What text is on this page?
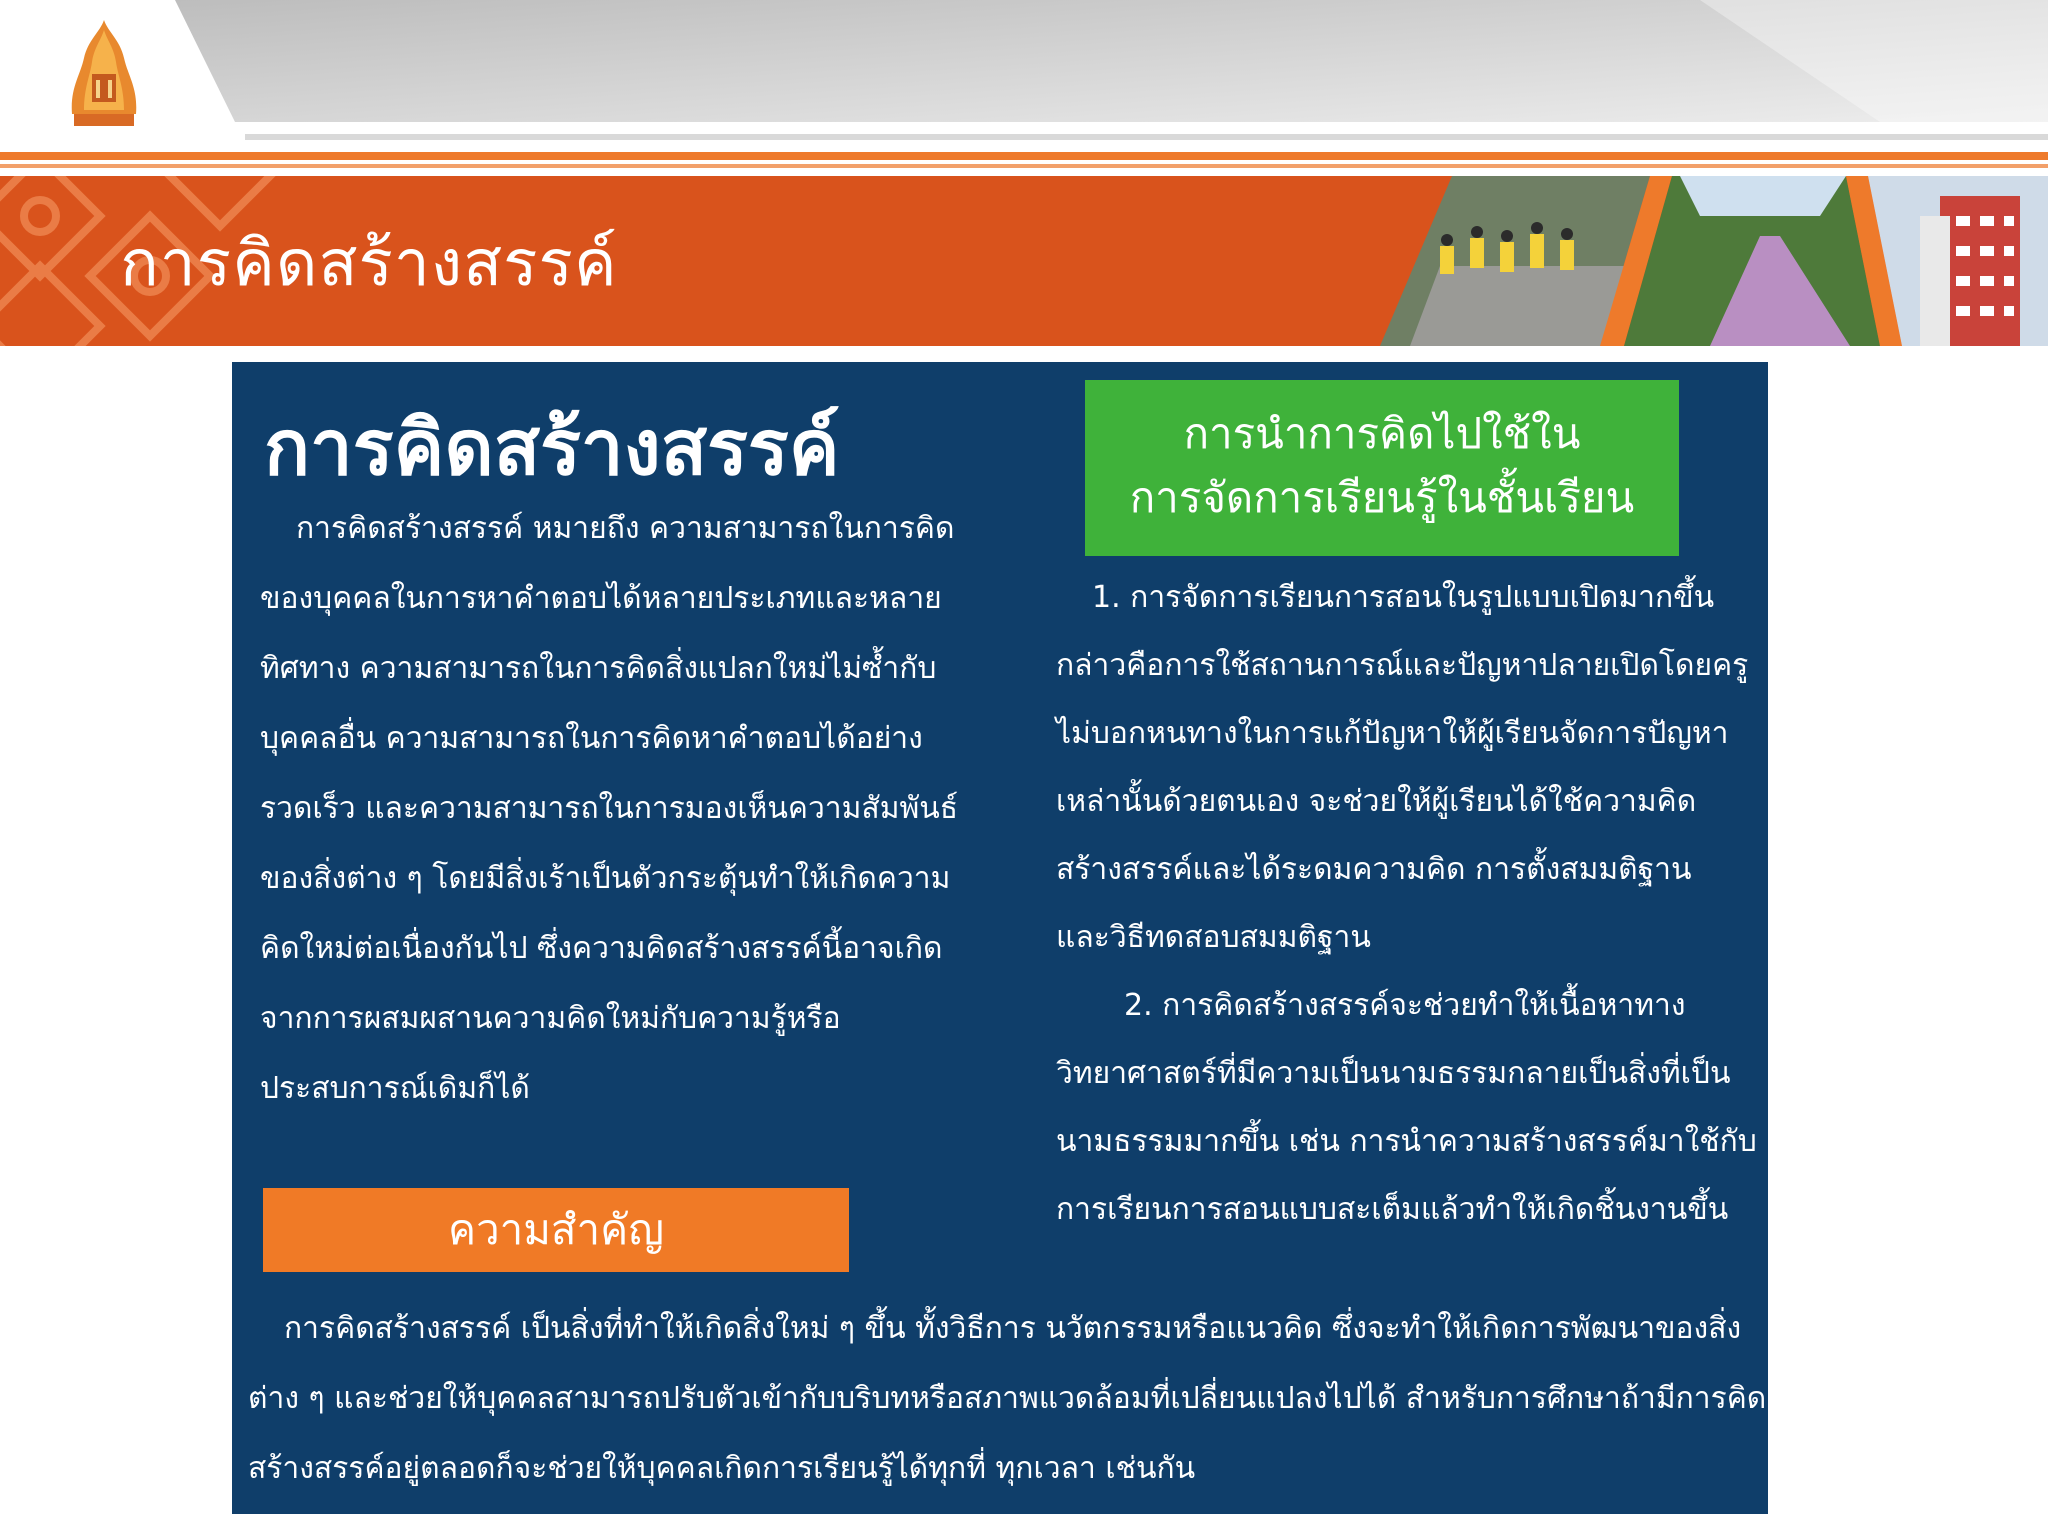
การคิดสร้างสรรค์
การคิดสร้างสรรค์
การคิดสร้างสรรค์ หมายถึง ความสามารถในการคิด
ของบุคคลในการหาคำตอบได้หลายประเภทและหลาย
ทิศทาง ความสามารถในการคิดสิ่งแปลกใหม่ไม่ซ้ำกับ
บุคคลอื่น ความสามารถในการคิดหาคำตอบได้อย่าง
รวดเร็ว และความสามารถในการมองเห็นความสัมพันธ์
ของสิ่งต่าง ๆ โดยมีสิ่งเร้าเป็นตัวกระตุ้นทำให้เกิดความ
คิดใหม่ต่อเนื่องกันไป ซึ่งความคิดสร้างสรรค์นี้อาจเกิด
จากการผสมผสานความคิดใหม่กับความรู้หรือ
ประสบการณ์เดิมก็ได้
การนำการคิดไปใช้ใน
การจัดการเรียนรู้ในชั้นเรียน
1. การจัดการเรียนการสอนในรูปแบบเปิดมากขึ้น
กล่าวคือการใช้สถานการณ์และปัญหาปลายเปิดโดยครู
ไม่บอกหนทางในการแก้ปัญหาให้ผู้เรียนจัดการปัญหา
เหล่านั้นด้วยตนเอง จะช่วยให้ผู้เรียนได้ใช้ความคิด
สร้างสรรค์และได้ระดมความคิด การตั้งสมมติฐาน
และวิธีทดสอบสมมติฐาน
2. การคิดสร้างสรรค์จะช่วยทำให้เนื้อหาทาง
วิทยาศาสตร์ที่มีความเป็นนามธรรมกลายเป็นสิ่งที่เป็น
นามธรรมมากขึ้น เช่น การนำความสร้างสรรค์มาใช้กับ
การเรียนการสอนแบบสะเต็มแล้วทำให้เกิดชิ้นงานขึ้น
ความสำคัญ
การคิดสร้างสรรค์ เป็นสิ่งที่ทำให้เกิดสิ่งใหม่ ๆ ขึ้น ทั้งวิธีการ นวัตกรรมหรือแนวคิด ซึ่งจะทำให้เกิดการพัฒนาของสิ่ง
ต่าง ๆ และช่วยให้บุคคลสามารถปรับตัวเข้ากับบริบทหรือสภาพแวดล้อมที่เปลี่ยนแปลงไปได้ สำหรับการศึกษาถ้ามีการคิด
สร้างสรรค์อยู่ตลอดก็จะช่วยให้บุคคลเกิดการเรียนรู้ได้ทุกที่ ทุกเวลา เช่นกัน
